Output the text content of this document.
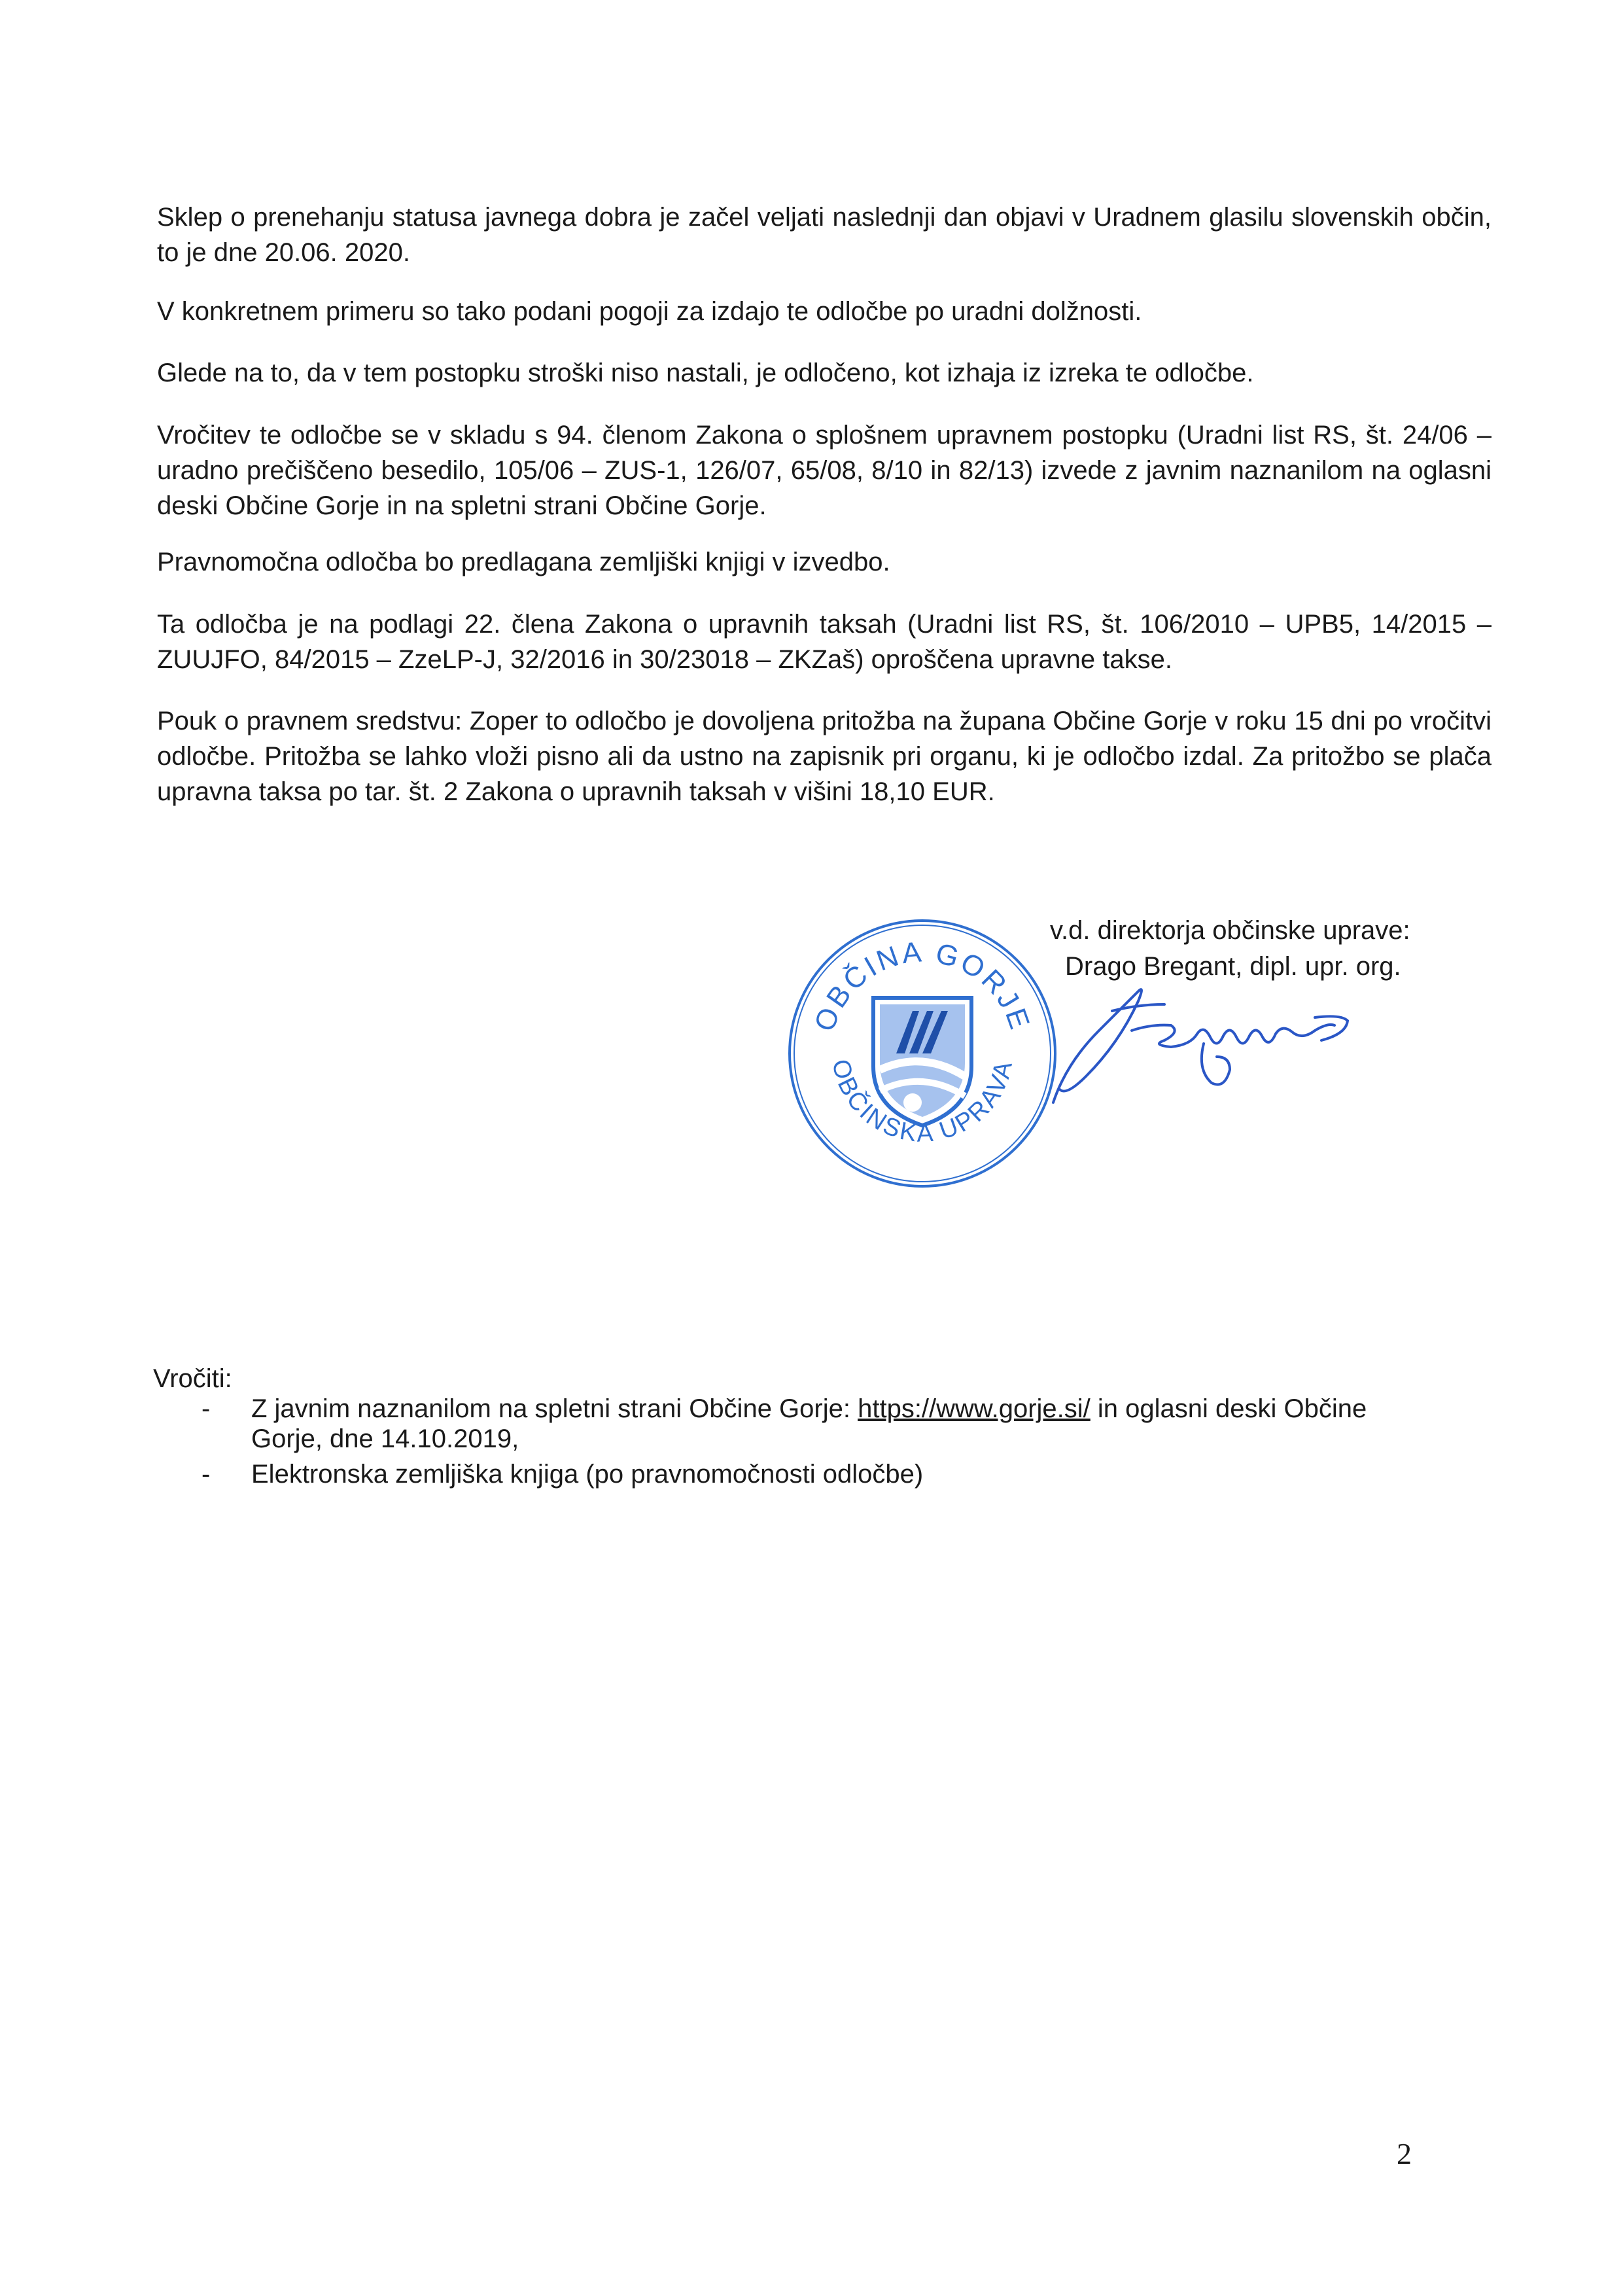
Sklep o prenehanju statusa javnega dobra je začel veljati naslednji dan objavi v Uradnem glasilu slovenskih občin, to je dne 20.06. 2020.

V konkretnem primeru so tako podani pogoji za izdajo te odločbe po uradni dolžnosti.

Glede na to, da v tem postopku stroški niso nastali, je odločeno, kot izhaja iz izreka te odločbe.

Vročitev te odločbe se v skladu s 94. členom Zakona o splošnem upravnem postopku (Uradni list RS, št. 24/06 – uradno prečiščeno besedilo, 105/06 – ZUS-1, 126/07, 65/08, 8/10 in 82/13) izvede z javnim naznanilom na oglasni deski Občine Gorje in na spletni strani Občine Gorje.

Pravnomočna odločba bo predlagana zemljiški knjigi v izvedbo.

Ta odločba je na podlagi 22. člena Zakona o upravnih taksah (Uradni list RS, št. 106/2010 – UPB5, 14/2015 – ZUUJFO, 84/2015 – ZzeLP-J, 32/2016 in 30/23018 – ZKZaš) oproščena upravne takse.

Pouk o pravnem sredstvu: Zoper to odločbo je dovoljena pritožba na župana Občine Gorje v roku 15 dni po vročitvi odločbe. Pritožba se lahko vloži pisno ali da ustno na zapisnik pri organu, ki je odločbo izdal. Za pritožbo se plača upravna taksa po tar. št. 2 Zakona o upravnih taksah v višini 18,10 EUR.

OBČINA GORJE
OBČINSKA UPRAVA
v.d. direktorja občinske uprave:
Drago Bregant, dipl. upr. org.
Vročiti:
- Z javnim naznanilom na spletni strani Občine Gorje: https://www.gorje.si/ in oglasni deski Občine Gorje, dne 14.10.2019,
- Elektronska zemljiška knjiga (po pravnomočnosti odločbe)
2
